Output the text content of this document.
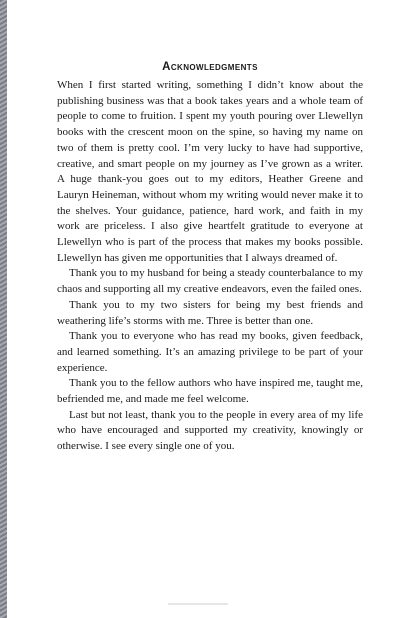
Acknowledgments

When I first started writing, something I didn’t know about the publishing business was that a book takes years and a whole team of people to come to fruition. I spent my youth pouring over Llewellyn books with the crescent moon on the spine, so having my name on two of them is pretty cool. I’m very lucky to have had supportive, creative, and smart people on my journey as I’ve grown as a writer. A huge thank-you goes out to my editors, Heather Greene and Lauryn Heineman, without whom my writing would never make it to the shelves. Your guidance, patience, hard work, and faith in my work are priceless. I also give heartfelt gratitude to everyone at Llewellyn who is part of the process that makes my books possible. Llewellyn has given me opportunities that I always dreamed of.

Thank you to my husband for being a steady counterbalance to my chaos and supporting all my creative endeavors, even the failed ones.

Thank you to my two sisters for being my best friends and weathering life’s storms with me. Three is better than one.

Thank you to everyone who has read my books, given feedback, and learned something. It’s an amazing privilege to be part of your experience.

Thank you to the fellow authors who have inspired me, taught me, befriended me, and made me feel welcome.

Last but not least, thank you to the people in every area of my life who have encouraged and supported my creativity, knowingly or otherwise. I see every single one of you.
